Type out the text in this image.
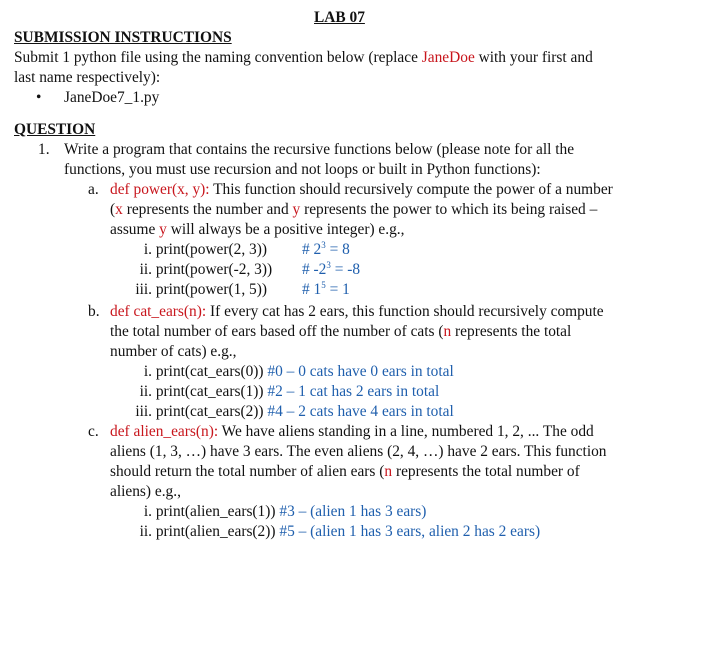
LAB 07
SUBMISSION INSTRUCTIONS
Submit 1 python file using the naming convention below (replace JaneDoe with your first and
last name respectively):
• JaneDoe7_1.py
QUESTION
1. Write a program that contains the recursive functions below (please note for all the
functions, you must use recursion and not loops or built in Python functions):
a. def power(x, y): This function should recursively compute the power of a number
(x represents the number and y represents the power to which its being raised –
assume y will always be a positive integer) e.g.,
i. print(power(2, 3)) # $2^3 = 8$
ii. print(power(-2, 3)) # $-2^3 = -8$
iii. print(power(1, 5)) # $1^5 = 1$
b. def cat_ears(n): If every cat has 2 ears, this function should recursively compute
the total number of ears based off the number of cats (n represents the total
number of cats) e.g.,
i. print(cat_ears(0)) #0 – 0 cats have 0 ears in total
ii. print(cat_ears(1)) #2 – 1 cat has 2 ears in total
iii. print(cat_ears(2)) #4 – 2 cats have 4 ears in total
c. def alien_ears(n): We have aliens standing in a line, numbered 1, 2, ... The odd
aliens (1, 3, …) have 3 ears. The even aliens (2, 4, …) have 2 ears. This function
should return the total number of alien ears (n represents the total number of
aliens) e.g.,
i. print(alien_ears(1)) #3 – (alien 1 has 3 ears)
ii. print(alien_ears(2)) #5 – (alien 1 has 3 ears, alien 2 has 2 ears)
